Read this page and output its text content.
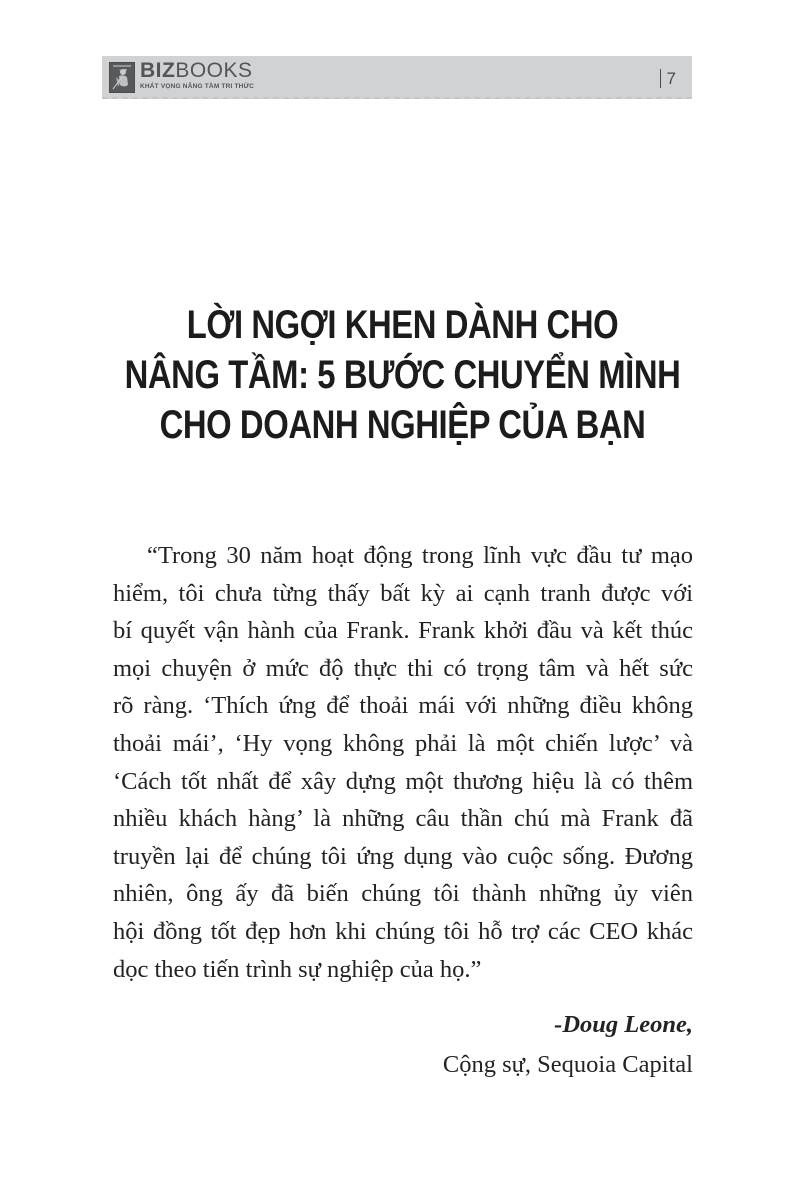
BIZBOOKS
KHÁT VỌNG NÂNG TẦM TRI THỨC	7
LỜI NGỢI KHEN DÀNH CHO
NÂNG TẦM: 5 BƯỚC CHUYỂN MÌNH
CHO DOANH NGHIỆP CỦA BẠN
“Trong 30 năm hoạt động trong lĩnh vực đầu tư mạo
hiểm, tôi chưa từng thấy bất kỳ ai cạnh tranh được với
bí quyết vận hành của Frank. Frank khởi đầu và kết thúc
mọi chuyện ở mức độ thực thi có trọng tâm và hết sức
rõ ràng. ‘Thích ứng để thoải mái với những điều không
thoải mái’, ‘Hy vọng không phải là một chiến lược’ và
‘Cách tốt nhất để xây dựng một thương hiệu là có thêm
nhiều khách hàng’ là những câu thần chú mà Frank đã
truyền lại để chúng tôi ứng dụng vào cuộc sống. Đương
nhiên, ông ấy đã biến chúng tôi thành những ủy viên
hội đồng tốt đẹp hơn khi chúng tôi hỗ trợ các CEO khác
dọc theo tiến trình sự nghiệp của họ.”
-Doug Leone,
Cộng sự, Sequoia Capital
